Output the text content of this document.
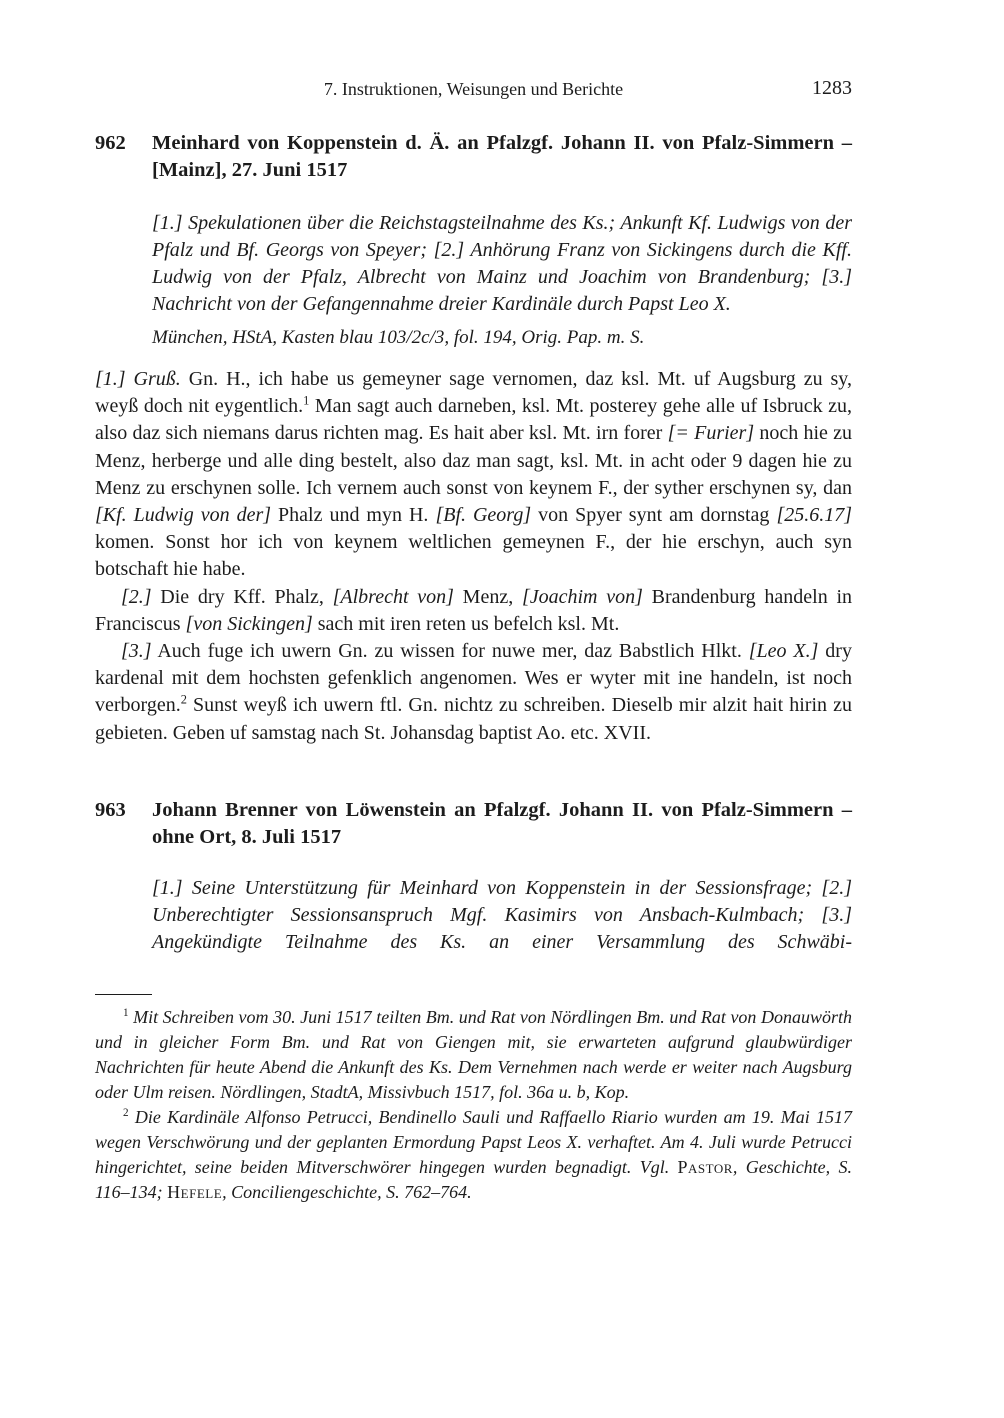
7. Instruktionen, Weisungen und Berichte	1283
962 Meinhard von Koppenstein d. Ä. an Pfalzgf. Johann II. von Pfalz-Simmern – [Mainz], 27. Juni 1517

[1.] Spekulationen über die Reichstagsteilnahme des Ks.; Ankunft Kf. Ludwigs von der Pfalz und Bf. Georgs von Speyer; [2.] Anhörung Franz von Sickingens durch die Kff. Ludwig von der Pfalz, Albrecht von Mainz und Joachim von Brandenburg; [3.] Nachricht von der Gefangennahme dreier Kardinäle durch Papst Leo X.

München, HStA, Kasten blau 103/2c/3, fol. 194, Orig. Pap. m. S.

[1.] Gruß. Gn. H., ich habe us gemeyner sage vernomen, daz ksl. Mt. uf Augsburg zu sy, weyß doch nit eygentlich.$^1$ Man sagt auch darneben, ksl. Mt. posterey gehe alle uf Isbruck zu, also daz sich niemans darus richten mag. Es hait aber ksl. Mt. irn forer [= Furier] noch hie zu Menz, herberge und alle ding bestelt, also daz man sagt, ksl. Mt. in acht oder 9 dagen hie zu Menz zu erschynen solle. Ich vernem auch sonst von keynem F., der syther erschynen sy, dan [Kf. Ludwig von der] Phalz und myn H. [Bf. Georg] von Spyer synt am dornstag [25.6.17] komen. Sonst hor ich von keynem weltlichen gemeynen F., der hie erschyn, auch syn botschaft hie habe.

[2.] Die dry Kff. Phalz, [Albrecht von] Menz, [Joachim von] Brandenburg handeln in Franciscus [von Sickingen] sach mit iren reten us befelch ksl. Mt.

[3.] Auch fuge ich uwern Gn. zu wissen for nuwe mer, daz Babstlich Hlkt. [Leo X.] dry kardenal mit dem hochsten gefenklich angenomen. Wes er wyter mit ine handeln, ist noch verborgen.$^2$ Sunst weyß ich uwern ftl. Gn. nichtz zu schreiben. Dieselb mir alzit hait hirin zu gebieten. Geben uf samstag nach St. Johansdag baptist Ao. etc. XVII.

963 Johann Brenner von Löwenstein an Pfalzgf. Johann II. von Pfalz-Simmern – ohne Ort, 8. Juli 1517

[1.] Seine Unterstützung für Meinhard von Koppenstein in der Sessionsfrage; [2.] Unberechtigter Sessionsanspruch Mgf. Kasimirs von Ansbach-Kulmbach; [3.] Angekündigte Teilnahme des Ks. an einer Versammlung des Schwäbi-

$^1$ Mit Schreiben vom 30. Juni 1517 teilten Bm. und Rat von Nördlingen Bm. und Rat von Donauwörth und in gleicher Form Bm. und Rat von Giengen mit, sie erwarteten aufgrund glaubwürdiger Nachrichten für heute Abend die Ankunft des Ks. Dem Vernehmen nach werde er weiter nach Augsburg oder Ulm reisen. Nördlingen, StadtA, Missivbuch 1517, fol. 36a u. b, Kop.

$^2$ Die Kardinäle Alfonso Petrucci, Bendinello Sauli und Raffaello Riario wurden am 19. Mai 1517 wegen Verschwörung und der geplanten Ermordung Papst Leos X. verhaftet. Am 4. Juli wurde Petrucci hingerichtet, seine beiden Mitverschwörer hingegen wurden begnadigt. Vgl. Pastor, Geschichte, S. 116–134; Hefele, Conciliengeschichte, S. 762–764.
